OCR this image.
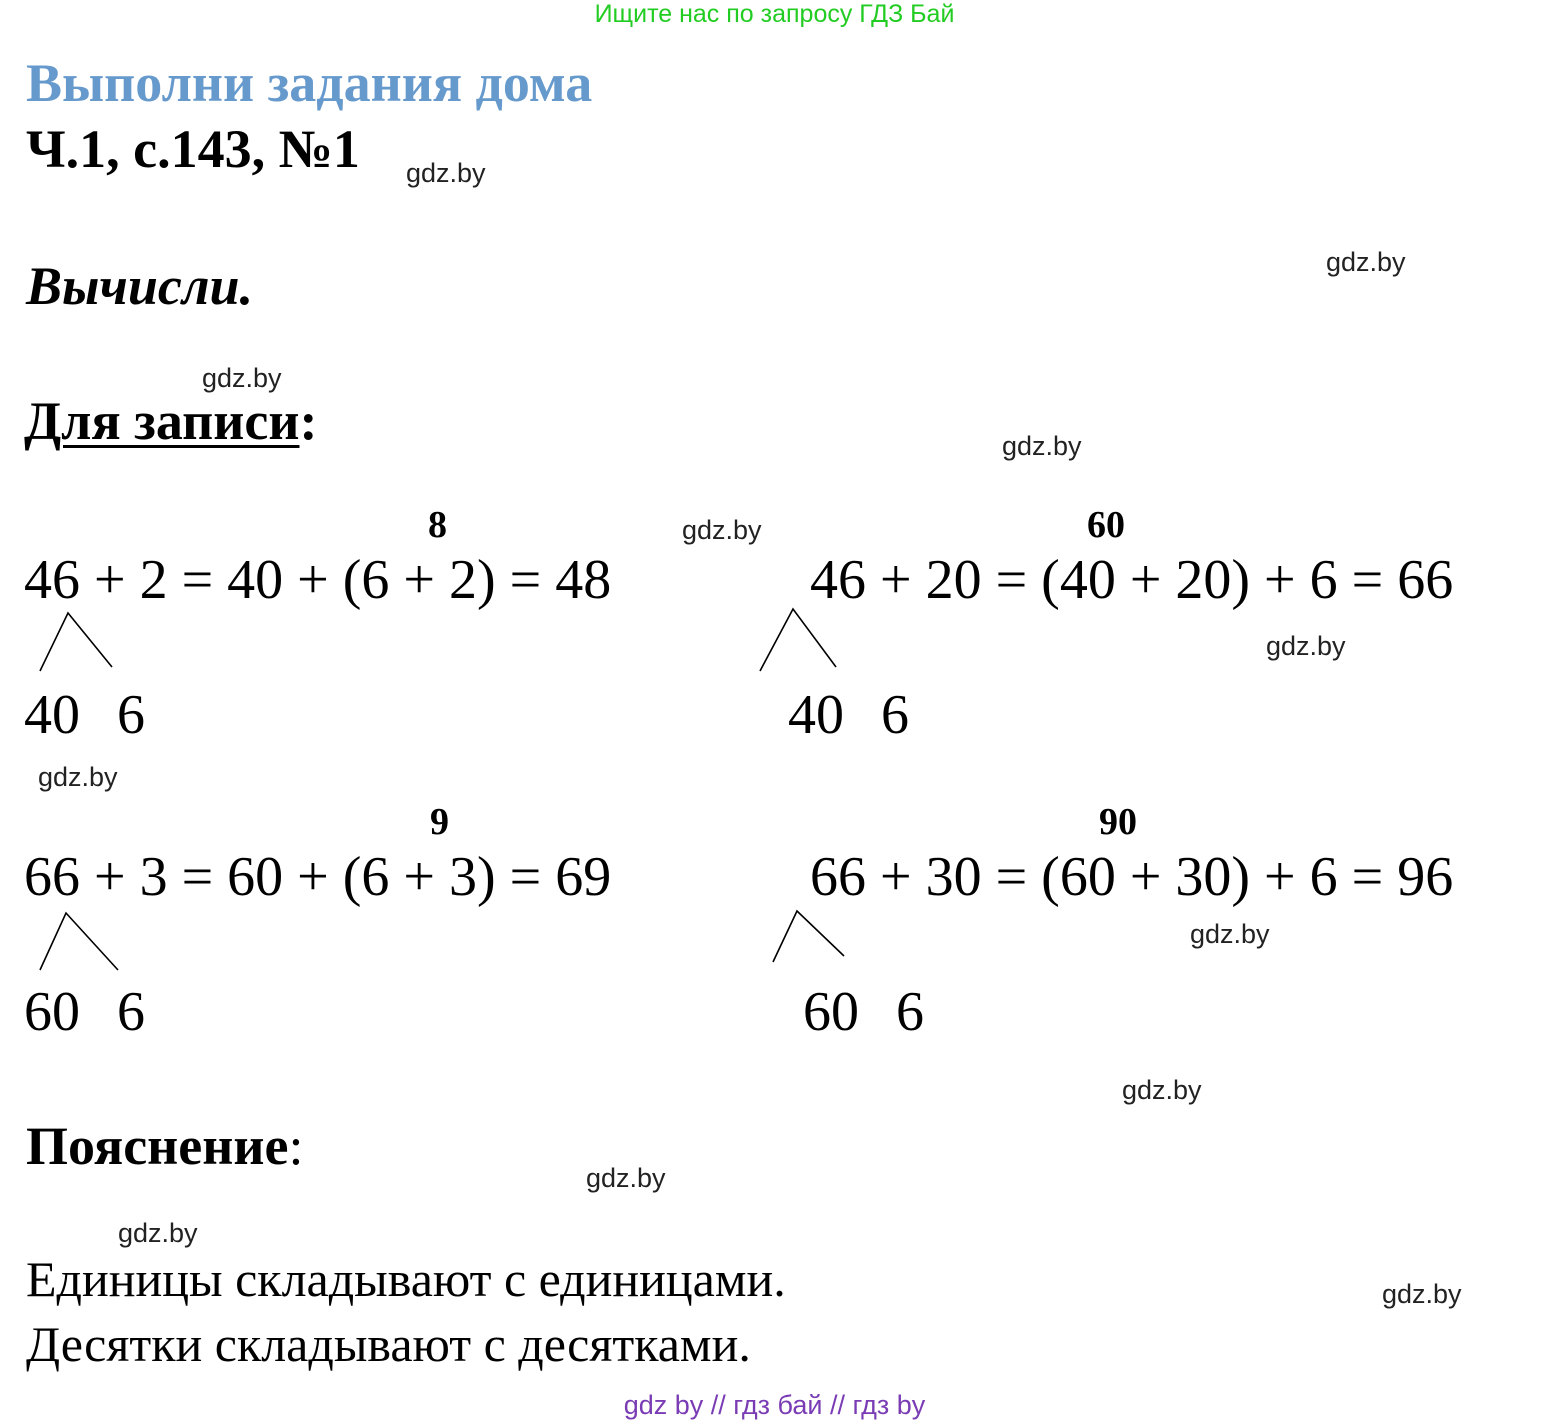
Ищите нас по запросу ГДЗ Бай
Выполни задания дома
Ч.1, с.143, №1
Вычисли.
Для записи:
8
46 + 2 = 40 + (6 + 2) = 48
40 6
60
46 + 20 = (40 + 20) + 6 = 66
40 6
9
66 + 3 = 60 + (6 + 3) = 69
60 6
90
66 + 30 = (60 + 30) + 6 = 96
60 6
Пояснение:
Единицы складывают с единицами.
Десятки складывают с десятками.
gdz.by
gdz.by
gdz.by
gdz.by
gdz.by
gdz.by
gdz.by
gdz.by
gdz.by
gdz.by
gdz.by
gdz.by
gdz by // гдз бай // гдз by
